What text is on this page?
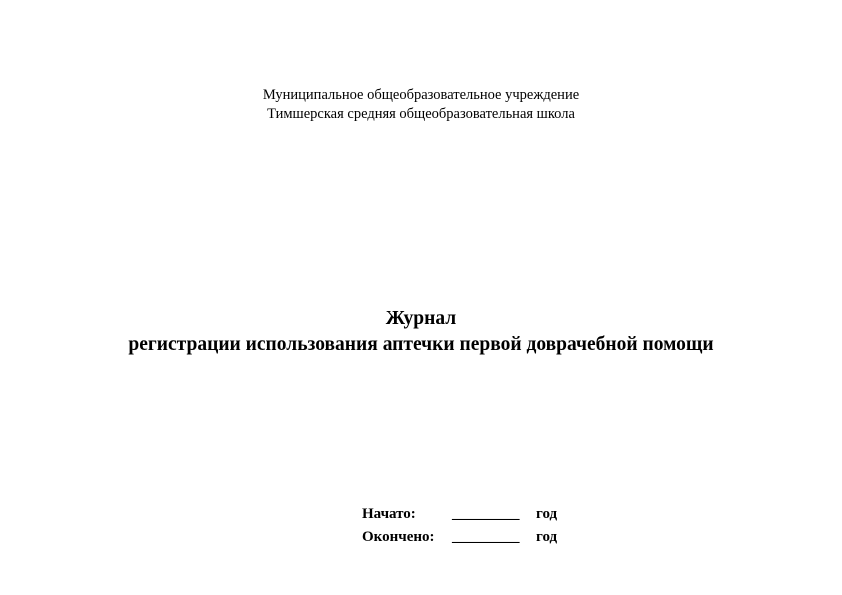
Муниципальное общеобразовательное учреждение
Тимшерская средняя общеобразовательная школа
Журнал
регистрации использования аптечки первой доврачебной помощи
Начато:	_________	год
Окончено:	_________	год
